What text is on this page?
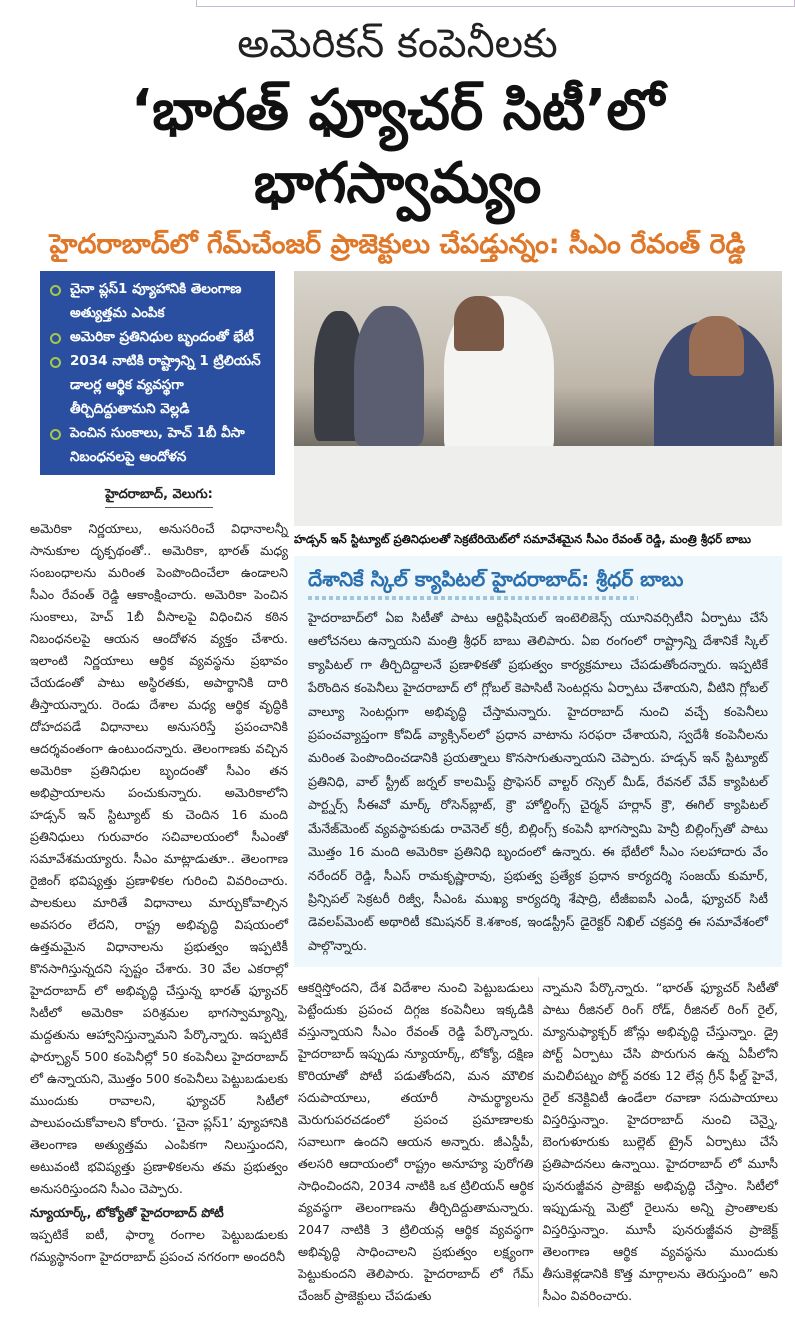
అమెరికన్ కంపెనీలకు
‘భారత్ ఫ్యూచర్ సిటీ’లో భాగస్వామ్యం
హైదరాబాద్‌లో గేమ్‌చేంజర్ ప్రాజెక్టులు చేపడ్తున్నం: సీఎం రేవంత్ రెడ్డి
చైనా ప్లస్1 వ్యూహానికి తెలంగాణ అత్యుత్తమ ఎంపిక
అమెరికా ప్రతినిధుల బృందంతో భేటీ
2034 నాటికి రాష్ట్రాన్ని 1 ట్రిలియన్ డాలర్ల ఆర్థిక వ్యవస్థగా తీర్చిదిద్దుతామని వెల్లడి
పెంచిన సుంకాలు, హెచ్ 1బీ వీసా నిబంధనలపై ఆందోళన
హైదరాబాద్, వెలుగు:

అమెరికా నిర్ణయాలు, అనుసరించే విధానాలన్నీ సానుకూల దృక్పథంతో.. అమెరికా, భారత్ మధ్య సంబంధాలను మరింత పెంపొందించేలా ఉండాలని సీఎం రేవంత్ రెడ్డి ఆకాంక్షించారు. అమెరికా పెంచిన సుంకాలు, హెచ్ 1బీ వీసాలపై విధించిన కఠిన నిబంధనలపై ఆయన ఆందోళన వ్యక్తం చేశారు. ఇలాంటి నిర్ణయాలు ఆర్థిక వ్యవస్థను ప్రభావం చేయడంతో పాటు అస్థిరతకు, అపార్థానికి దారి తీస్తాయన్నారు. రెండు దేశాల మధ్య ఆర్థిక వృద్ధికి దోహదపడే విధానాలు అనుసరిస్తే ప్రపంచానికి ఆదర్శవంతంగా ఉంటుందన్నారు. తెలంగాణకు వచ్చిన అమెరికా ప్రతినిధుల బృందంతో సీఎం తన అభిప్రాయాలను పంచుకున్నారు. అమెరికాలోని హడ్సన్ ఇన్ స్టిట్యూట్ కు చెందిన 16 మంది ప్రతినిధులు గురువారం సచివాలయంలో సీఎంతో సమావేశమయ్యారు. సీఎం మాట్లాడుతూ.. తెలంగాణ రైజింగ్ భవిష్యత్తు ప్రణాళికల గురించి వివరించారు. పాలకులు మారితే విధానాలు మార్చుకోవాల్సిన అవసరం లేదని, రాష్ట్ర అభివృద్ధి విషయంలో ఉత్తమమైన విధానాలను ప్రభుత్వం ఇప్పటికీ కొనసాగిస్తున్నదని స్పష్టం చేశారు. 30 వేల ఎకరాల్లో హైదరాబాద్ లో అభివృద్ధి చేస్తున్న భారత్ ఫ్యూచర్ సిటీలో అమెరికా పరిశ్రమల భాగస్వామ్యాన్ని, మద్దతును ఆహ్వానిస్తున్నామని పేర్కొన్నారు. ఇప్పటికే ఫార్చ్యూన్ 500 కంపెనీల్లో 50 కంపెనీలు హైదరాబాద్ లో ఉన్నాయని, మొత్తం 500 కంపెనీలు పెట్టుబడులకు ముందుకు రావాలని, ఫ్యూచర్ సిటీలో పాలుపంచుకోవాలని కోరారు. ‘చైనా ప్లస్1’ వ్యూహానికి తెలంగాణ అత్యుత్తమ ఎంపికగా నిలుస్తుందని, అటువంటి భవిష్యత్తు ప్రణాళికలను తమ ప్రభుత్వం అనుసరిస్తుందని సీఎం చెప్పారు.

న్యూయార్క్, టోక్యోతో హైదరాబాద్ పోటీ

ఇప్పటికే ఐటీ, ఫార్మా రంగాల పెట్టుబడులకు గమ్యస్థానంగా హైదరాబాద్ ప్రపంచ నగరంగా అందరినీ

హడ్సన్ ఇన్ స్టిట్యూట్ ప్రతినిధులతో సెక్రటేరియెట్‌లో సమావేశమైన సీఎం రేవంత్ రెడ్డి, మంత్రి శ్రీధర్ బాబు
దేశానికే స్కిల్ క్యాపిటల్ హైదరాబాద్: శ్రీధర్ బాబు

హైదరాబాద్‌లో ఏఐ సిటీతో పాటు ఆర్టిఫిషియల్ ఇంటెలిజెన్స్ యూనివర్సిటీని ఏర్పాటు చేసే ఆలోచనలు ఉన్నాయని మంత్రి శ్రీధర్ బాబు తెలిపారు. ఏఐ రంగంలో రాష్ట్రాన్ని దేశానికే స్కిల్ క్యాపిటల్ గా తీర్చిదిద్దాలనే ప్రణాళికతో ప్రభుత్వం కార్యక్రమాలు చేపడుతోందన్నారు. ఇప్పటికే పేరొందిన కంపెనీలు హైదరాబాద్ లో గ్లోబల్ కెపాసిటీ సెంటర్లను ఏర్పాటు చేశాయని, వీటిని గ్లోబల్ వాల్యూ సెంటర్లుగా అభివృద్ధి చేస్తామన్నారు. హైదరాబాద్ నుంచి వచ్చే కంపెనీలు ప్రపంచవ్యాప్తంగా కోవిడ్ వ్యాక్సిన్‌లలో ప్రధాన వాటాను సరఫరా చేశాయని, స్వదేశీ కంపెనీలను మరింత పెంపొందించడానికి ప్రయత్నాలు కొనసాగుతున్నాయని చెప్పారు. హడ్సన్ ఇన్ స్టిట్యూట్ ప్రతినిధి, వాల్ స్ట్రీట్ జర్నల్ కాలమిస్ట్ ప్రొఫెసర్ వాల్టర్ రస్సెల్ మీడ్, రేవనల్ వేవ్ క్యాపిటల్ పార్ట్నర్స్ సీఈవో మార్క్ రోసెన్‌బ్లాట్, క్రౌ హోల్డింగ్స్ చైర్మన్ హర్లాన్ క్రౌ, ఈగిల్ క్యాపిటల్ మేనేజ్‌మెంట్ వ్యవస్థాపకుడు రావెనెల్ కర్రీ, బిల్లింగ్స్ కంపెనీ భాగస్వామి హెన్రీ బిల్లింగ్స్‌తో పాటు మొత్తం 16 మంది అమెరికా ప్రతినిధి బృందంలో ఉన్నారు. ఈ భేటీలో సీఎం సలహాదారు వేం నరేందర్ రెడ్డి, సీఎస్ రామకృష్ణారావు, ప్రభుత్వ ప్రత్యేక ప్రధాన కార్యదర్శి సంజయ్ కుమార్, ప్రిన్సిపల్ సెక్రటరీ రిజ్వీ, సీఎంఓ ముఖ్య కార్యదర్శి శేషాద్రి, టీజీఐఐసీ ఎండీ, ఫ్యూచర్ సిటీ డెవలప్‌మెంట్ అథారిటీ కమిషనర్ కె.శశాంక, ఇండస్ట్రీస్ డైరెక్టర్ నిఖిల్ చక్రవర్తి ఈ సమావేశంలో పాల్గొన్నారు.

ఆకర్షిస్తోందని, దేశ విదేశాల నుంచి పెట్టుబడులు పెట్టేందుకు ప్రపంచ దిగ్గజ కంపెనీలు ఇక్కడికి వస్తున్నాయని సీఎం రేవంత్ రెడ్డి పేర్కొన్నారు. హైదరాబాద్ ఇప్పుడు న్యూయార్క్, టోక్యో, దక్షిణ కొరియాతో పోటీ పడుతోందని, మన మౌలిక సదుపాయాలు, తయారీ సామర్థ్యాలను మెరుగుపరచడంలో ప్రపంచ ప్రమాణాలకు సవాలుగా ఉందని ఆయన అన్నారు. జీఎస్డీపీ, తలసరి ఆదాయంలో రాష్ట్రం అనూహ్య పురోగతి సాధించిందని, 2034 నాటికి ఒక ట్రిలియన్ ఆర్థిక వ్యవస్థగా తెలంగాణను తీర్చిదిద్దుతామన్నారు. 2047 నాటికి 3 ట్రిలియన్ల ఆర్థిక వ్యవస్థగా అభివృద్ధి సాధించాలని ప్రభుత్వం లక్ష్యంగా పెట్టుకుందని తెలిపారు. హైదరాబాద్ లో గేమ్ చేంజర్ ప్రాజెక్టులు చేపడుతు

న్నామని పేర్కొన్నారు. “భారత్ ఫ్యూచర్ సిటీతో పాటు రీజినల్ రింగ్ రోడ్, రీజినల్ రింగ్ రైల్, మ్యానుఫ్యాక్చర్ జోన్లు అభివృద్ధి చేస్తున్నాం. డ్రై పోర్ట్ ఏర్పాటు చేసి పొరుగున ఉన్న ఏపీలోని మచిలీపట్నం పోర్ట్ వరకు 12 లేన్ల గ్రీన్ ఫీల్డ్ హైవే, రైల్ కనెక్టివిటీ ఉండేలా రవాణా సదుపాయాలు విస్తరిస్తున్నాం. హైదరాబాద్ నుంచి చెన్నై, బెంగుళూరుకు బుల్లెట్ ట్రైన్ ఏర్పాటు చేసే ప్రతిపాదనలు ఉన్నాయి. హైదరాబాద్ లో మూసీ పునరుజ్జీవన ప్రాజెక్టు అభివృద్ధి చేస్తాం. సిటీలో ఇప్పుడున్న మెట్రో రైలును అన్ని ప్రాంతాలకు విస్తరిస్తున్నాం. మూసీ పునరుజ్జీవన ప్రాజెక్ట్ తెలంగాణ ఆర్థిక వ్యవస్థను ముందుకు తీసుకెళ్లడానికి కొత్త మార్గాలను తెరుస్తుంది” అని సీఎం వివరించారు.
